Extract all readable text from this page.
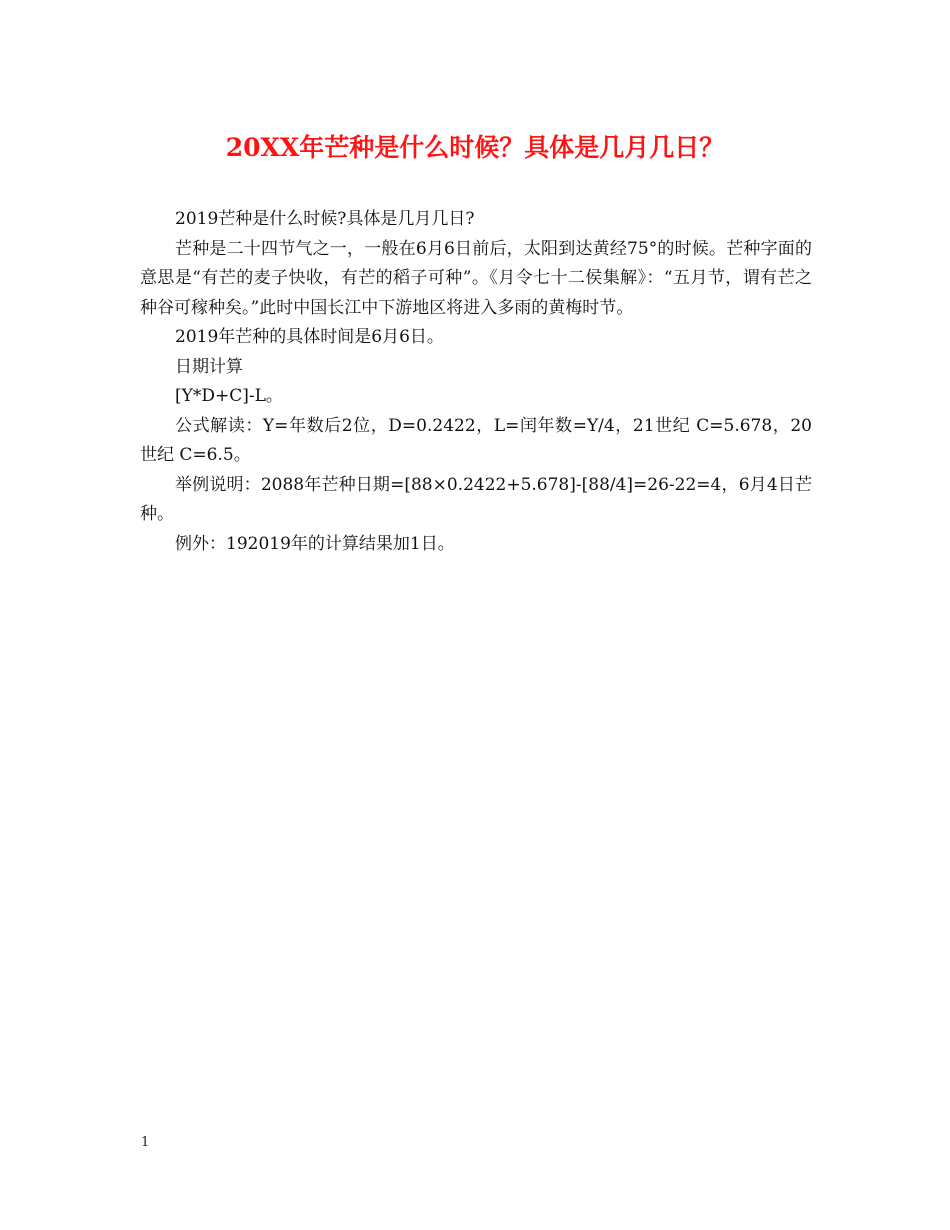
20XX年芒种是什么时候？具体是几月几日？

2019芒种是什么时候?具体是几月几日?

芒种是二十四节气之一，一般在6月6日前后，太阳到达黄经75°的时候。芒种字面的意思是“有芒的麦子快收，有芒的稻子可种”。《月令七十二侯集解》：“五月节，谓有芒之种谷可稼种矣。”此时中国长江中下游地区将进入多雨的黄梅时节。

2019年芒种的具体时间是6月6日。

日期计算

[Y*D+C]-L。

公式解读：Y=年数后2位，D=0.2422，L=闰年数=Y/4，21世纪 C=5.678，20世纪 C=6.5。

举例说明：2088年芒种日期=[88×0.2422+5.678]-[88/4]=26-22=4，6月4日芒种。

例外：192019年的计算结果加1日。

1
